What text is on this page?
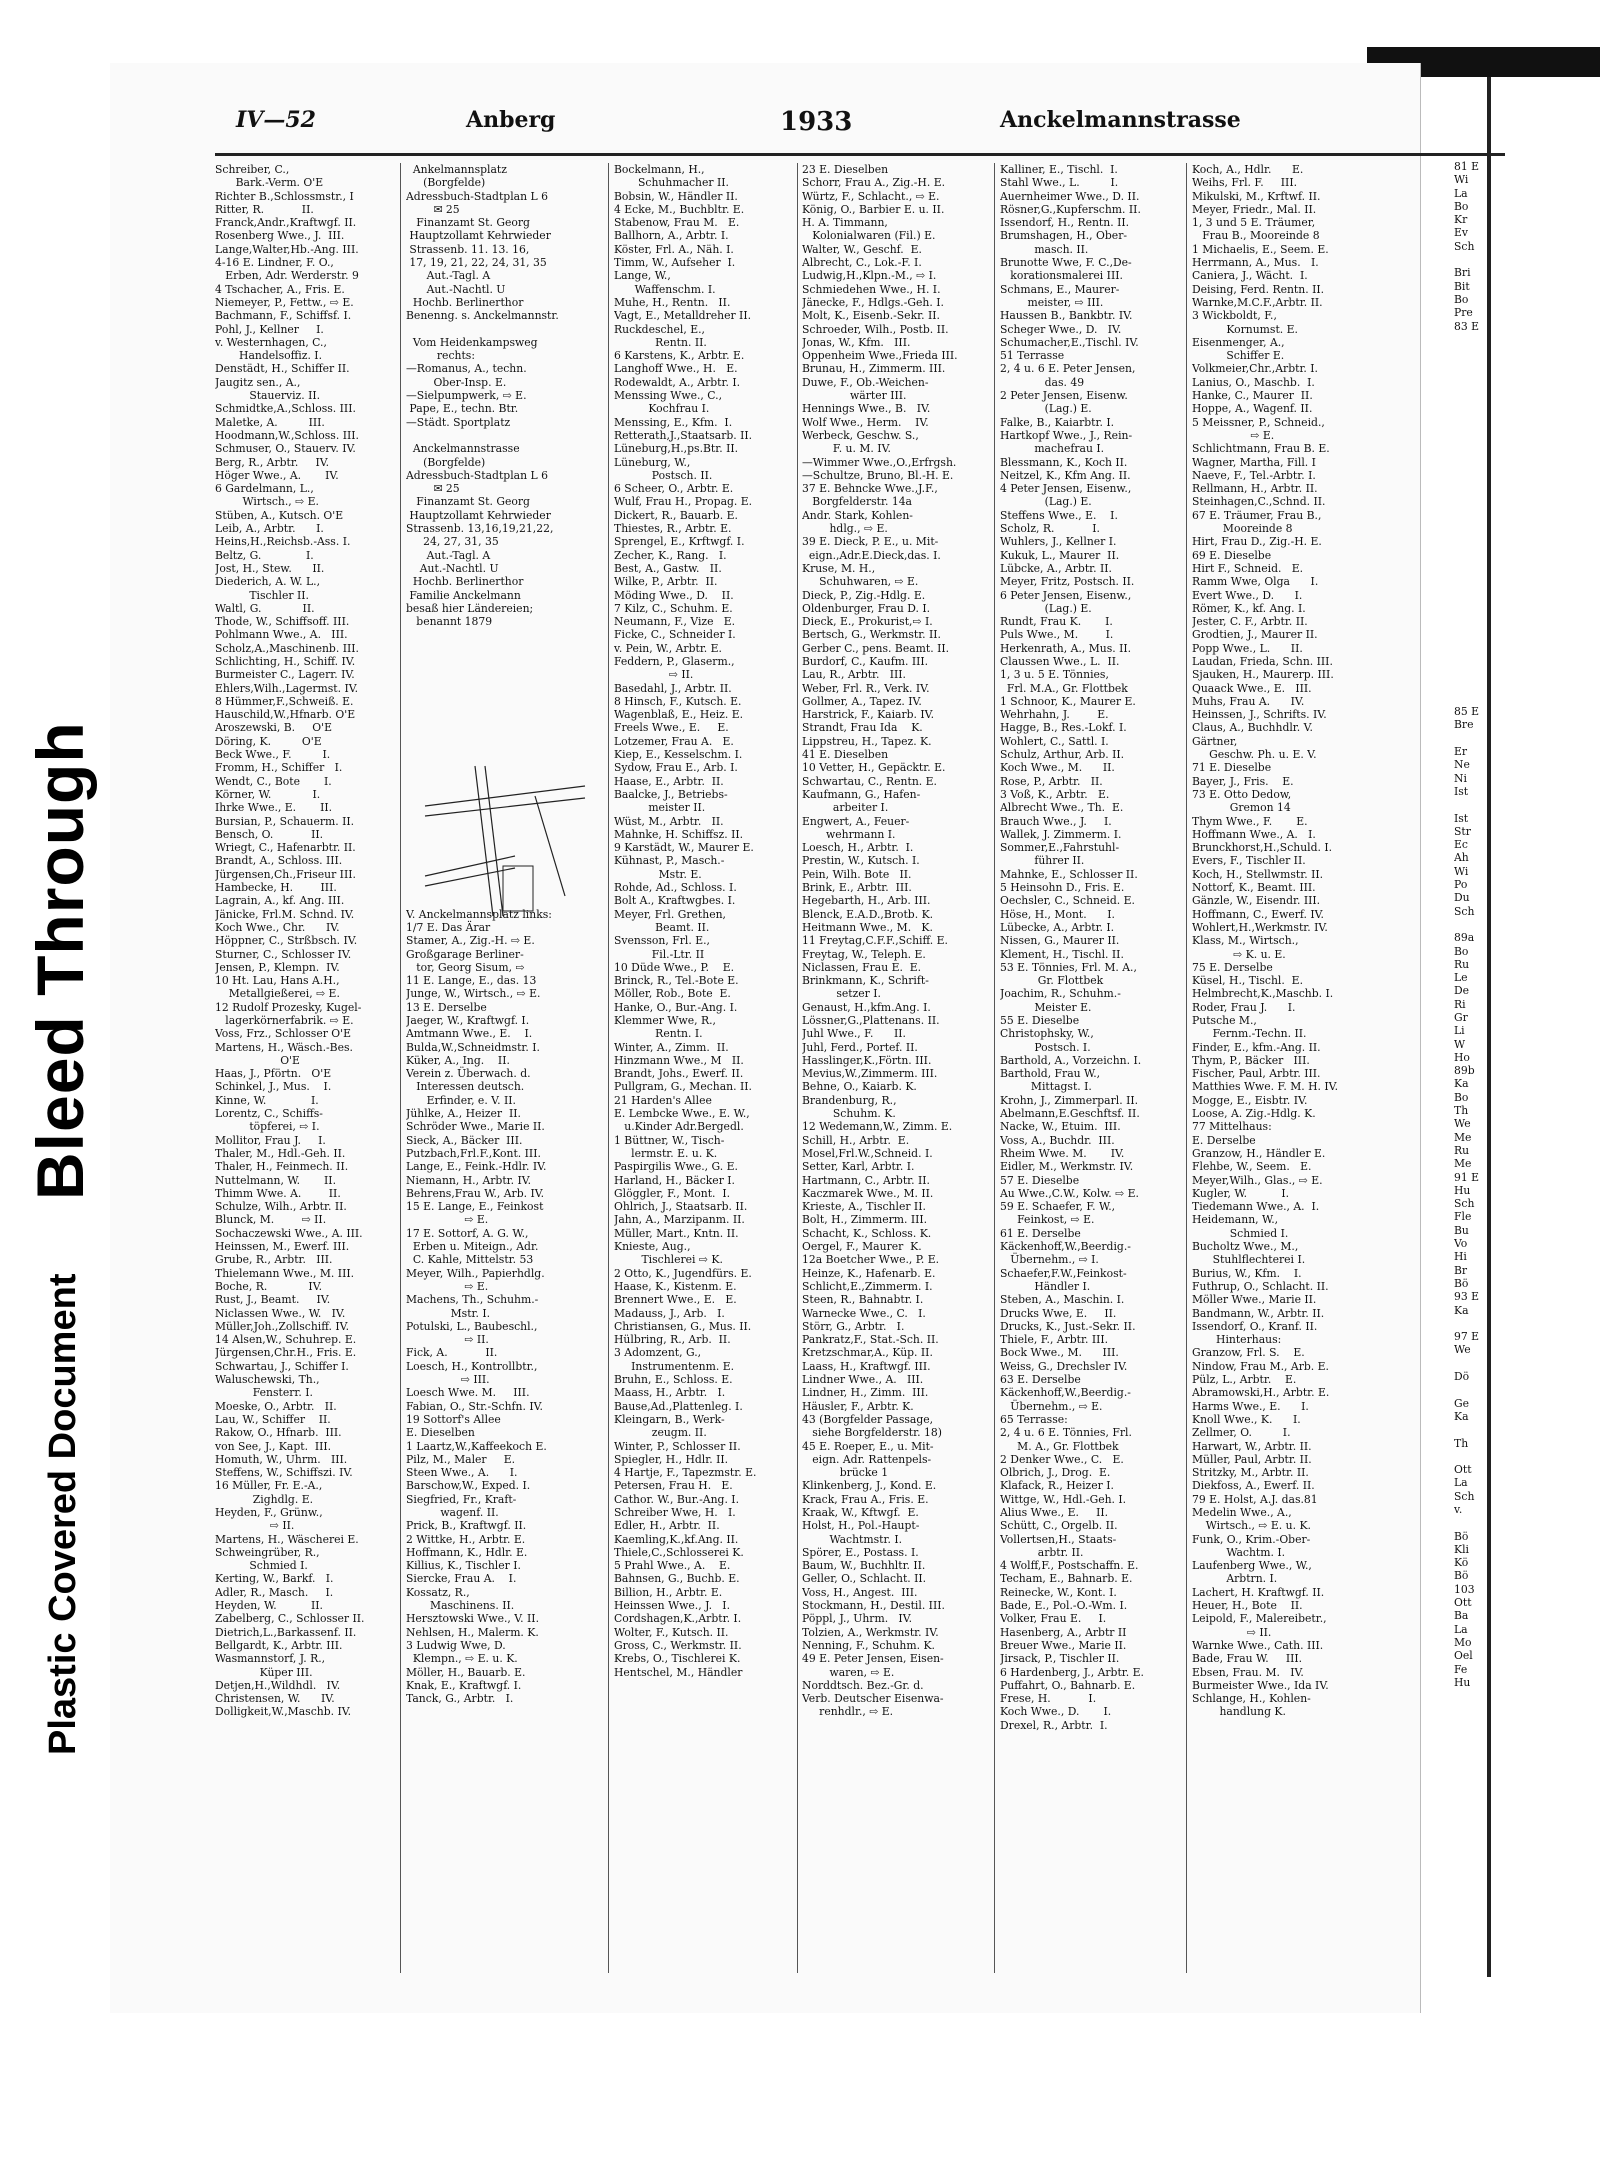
Bleed Through
Plastic Covered Document
IV—52	Anberg	1933	Anckelmannstrasse
Schreiber, C.,
Bark.-Verm. O'E
Richter B.,Schlossmstr., I
Ritter, R.           II.
Franck,Andr.,Kraftwgf. II.
Rosenberg Wwe., J.  III.
Lange,Walter,Hb.-Ang. III.
4-16 E. Lindner, F. O.,
Erben, Adr. Werderstr. 9
4 Tschacher, A., Fris. E.
Niemeyer, P., Fettw., ⇨ E.
Bachmann, F., Schiffsf. I.
Pohl, J., Kellner     I.
v. Westernhagen, C.,
Handelsoffiz. I.
Denstädt, H., Schiffer II.
Jaugitz sen., A.,
Stauerviz. II.
Schmidtke,A.,Schloss. III.
Maletke, A.         III.
Hoodmann,W.,Schloss. III.
Schmuser, O., Stauerv. IV.
Berg, R., Arbtr.     IV.
Höger Wwe., A.       IV.
6 Gardelmann, L.,
Wirtsch., ⇨ E.
Stüben, A., Kutsch. O'E
Leib, A., Arbtr.      I.
Heins,H.,Reichsb.-Ass. I.
Beltz, G.             I.
Jost, H., Stew.      II.
Diederich, A. W. L.,
Tischler II.
Waltl, G.            II.
Thode, W., Schiffsoff. III.
Pohlmann Wwe., A.   III.
Scholz,A.,Maschinenb. III.
Schlichting, H., Schiff. IV.
Burmeister C., Lagerr. IV.
Ehlers,Wilh.,Lagermst. IV.
8 Hümmer,F.,Schweiß. E.
Hauschild,W.,Hfnarb. O'E
Aroszewski, B.     O'E
Döring, K.         O'E
Beck Wwe., F.         I.
Fromm, H., Schiffer   I.
Wendt, C., Bote       I.
Körner, W.            I.
Ihrke Wwe., E.       II.
Bursian, P., Schauerm. II.
Bensch, O.           II.
Wriegt, C., Hafenarbtr. II.
Brandt, A., Schloss. III.
Jürgensen,Ch.,Friseur III.
Hambecke, H.        III.
Lagrain, A., kf. Ang. III.
Jänicke, Frl.M. Schnd. IV.
Koch Wwe., Chr.      IV.
Höppner, C., Strßbsch. IV.
Sturner, C., Schlosser IV.
Jensen, P., Klempn.  IV.
10 Ht. Lau, Hans A.H.,
Metallgießerei, ⇨ E.
12 Rudolf Prozesky, Kugel-
lagerkörnerfabrik. ⇨ E.
Voss, Frz., Schlosser O'E
Martens, H., Wäsch.-Bes.
O'E
Haas, J., Pförtn.   O'E
Schinkel, J., Mus.    I.
Kinne, W.             I.
Lorentz, C., Schiffs-
töpferei, ⇨ I.
Mollitor, Frau J.     I.
Thaler, M., Hdl.-Geh. II.
Thaler, H., Feinmech. II.
Nuttelmann, W.       II.
Thimm Wwe. A.        II.
Schulze, Wilh., Arbtr. II.
Blunck, M.        ⇨ II.
Sochaczewski Wwe., A. III.
Heinssen, M., Ewerf. III.
Grube, R., Arbtr.   III.
Thielemann Wwe., M. III.
Boche, R.            IV.
Rust, J., Beamt.     IV.
Niclassen Wwe., W.   IV.
Müller,Joh.,Zollschiff. IV.
14 Alsen,W., Schuhrep. E.
Jürgensen,Chr.H., Fris. E.
Schwartau, J., Schiffer I.
Waluschewski, Th.,
Fensterr. I.
Moeske, O., Arbtr.   II.
Lau, W., Schiffer    II.
Rakow, O., Hfnarb.  III.
von See, J., Kapt.  III.
Homuth, W., Uhrm.   III.
Steffens, W., Schiffszi. IV.
16 Müller, Fr. E.-A.,
Zighdlg. E.
Heyden, F., Grünw.,
⇨ II.
Martens, H., Wäscherei E.
Schweingrüber, R.,
Schmied I.
Kerting, W., Barkf.   I.
Adler, R., Masch.     I.
Heyden, W.          II.
Zabelberg, C., Schlosser II.
Dietrich,L.,Barkassenf. II.
Bellgardt, K., Arbtr. III.
Wasmannstorf, J. R.,
Küper III.
Detjen,H.,Wildhdl.   IV.
Christensen, W.      IV.
Dolligkeit,W.,Maschb. IV.
Ankelmannsplatz
(Borgfelde)
Adressbuch-Stadtplan L 6
✉ 25
Finanzamt St. Georg
Hauptzollamt Kehrwieder
Strassenb. 11. 13. 16,
17, 19, 21, 22, 24, 31, 35
Aut.-Tagl. A
Aut.-Nachtl. U
Hochb. Berlinerthor
Benenng. s. Anckelmannstr.

Vom Heidenkampsweg
rechts:
—Romanus, A., techn.
Ober-Insp. E.
—Sielpumpwerk, ⇨ E.
Pape, E., techn. Btr.
—Städt. Sportplatz

Anckelmannstrasse
(Borgfelde)
Adressbuch-Stadtplan L 6
✉ 25
Finanzamt St. Georg
Hauptzollamt Kehrwieder
Strassenb. 13,16,19,21,22,
24, 27, 31, 35
Aut.-Tagl. A
Aut.-Nachtl. U
Hochb. Berlinerthor
Familie Anckelmann
besaß hier Ländereien;
benannt 1879

V. Anckelmannsplatz links:
1/7 E. Das Ärar
Stamer, A., Zig.-H. ⇨ E.
Großgarage Berliner-
tor, Georg Sisum, ⇨
11 E. Lange, E., das. 13
Junge, W., Wirtsch., ⇨ E.
13 E. Derselbe
Jaeger, W., Kraftwgf. I.
Amtmann Wwe., E.    I.
Bulda,W.,Schneidmstr. I.
Küker, A., Ing.    II.
Verein z. Überwach. d.
Interessen deutsch.
Erfinder, e. V. II.
Jühlke, A., Heizer  II.
Schröder Wwe., Marie II.
Sieck, A., Bäcker  III.
Putzbach,Frl.F.,Kont. III.
Lange, E., Feink.-Hdlr. IV.
Niemann, H., Arbtr. IV.
Behrens,Frau W., Arb. IV.
15 E. Lange, E., Feinkost
⇨ E.
17 E. Sottorf, A. G. W.,
Erben u. Miteign., Adr.
C. Kahle, Mittelstr. 53
Meyer, Wilh., Papierhdlg.
⇨ E.
Machens, Th., Schuhm.-
Mstr. I.
Potulski, L., Baubeschl.,
⇨ II.
Fick, A.           II.
Loesch, H., Kontrollbtr.,
⇨ III.
Loesch Wwe. M.     III.
Fabian, O., Str.-Schfn. IV.
19 Sottorf's Allee
E. Dieselben
1 Laartz,W.,Kaffeekoch E.
Pilz, M., Maler     E.
Steen Wwe., A.      I.
Barschow,W., Exped. I.
Siegfried, Fr., Kraft-
wagenf. II.
Prick, B., Kraftwgf. II.
2 Wittke, H., Arbtr. E.
Hoffmann, K., Hdlr. E.
Killius, K., Tischler I.
Siercke, Frau A.    I.
Kossatz, R.,
Maschinens. II.
Hersztowski Wwe., V. II.
Nehlsen, H., Malerm. K.
3 Ludwig Wwe, D.
Klempn., ⇨ E. u. K.
Möller, H., Bauarb. E.
Knak, E., Kraftwgf. I.
Tanck, G., Arbtr.   I.
Bockelmann, H.,
Schuhmacher II.
Bobsin, W., Händler II.
4 Ecke, M., Buchbltr. E.
Stabenow, Frau M.   E.
Ballhorn, A., Arbtr. I.
Köster, Frl. A., Näh. I.
Timm, W., Aufseher  I.
Lange, W.,
Waffenschm. I.
Muhe, H., Rentn.   II.
Vagt, E., Metalldreher II.
Ruckdeschel, E.,
Rentn. II.
6 Karstens, K., Arbtr. E.
Langhoff Wwe., H.   E.
Rodewaldt, A., Arbtr. I.
Menssing Wwe., C.,
Kochfrau I.
Menssing, E., Kfm.  I.
Retterath,J.,Staatsarb. II.
Lüneburg,H.,ps.Btr. II.
Lüneburg, W.,
Postsch. II.
6 Scheer, O., Arbtr. E.
Wulf, Frau H., Propag. E.
Dickert, R., Bauarb. E.
Thiestes, R., Arbtr. E.
Sprengel, E., Krftwgf. I.
Zecher, K., Rang.   I.
Best, A., Gastw.   II.
Wilke, P., Arbtr.  II.
Möding Wwe., D.    II.
7 Kilz, C., Schuhm. E.
Neumann, F., Vize   E.
Ficke, C., Schneider I.
v. Pein, W., Arbtr. E.
Feddern, P., Glaserm.,
⇨ II.
Basedahl, J., Arbtr. II.
8 Hinsch, F., Kutsch. E.
Wagenblaß, E., Heiz. E.
Freels Wwe., E.     E.
Lotzemer, Frau A.   E.
Kiep, E., Kesselschm. I.
Sydow, Frau E., Arb. I.
Haase, E., Arbtr.  II.
Baalcke, J., Betriebs-
meister II.
Wüst, M., Arbtr.   II.
Mahnke, H. Schiffsz. II.
9 Karstädt, W., Maurer E.
Kühnast, P., Masch.-
Mstr. E.
Rohde, Ad., Schloss. I.
Bolt A., Kraftwgbes. I.
Meyer, Frl. Grethen,
Beamt. II.
Svensson, Frl. E.,
Fil.-Ltr. II
10 Düde Wwe., P.    E.
Brinck, R., Tel.-Bote E.
Möller, Rob., Bote  E.
Hanke, O., Bur.-Ang. I.
Klemmer Wwe, R.,
Rentn. I.
Winter, A., Zimm.  II.
Hinzmann Wwe., M   II.
Brandt, Johs., Ewerf. II.
Pullgram, G., Mechan. II.
21 Harden's Allee
E. Lembcke Wwe., E. W.,
u.Kinder Adr.Bergedl.
1 Büttner, W., Tisch-
lermstr. E. u. K.
Paspirgilis Wwe., G. E.
Harland, H., Bäcker I.
Glöggler, F., Mont.  I.
Ohlrich, J., Staatsarb. II.
Jahn, A., Marzipanm. II.
Müller, Mart., Kntn. II.
Knieste, Aug.,
Tischlerei ⇨ K.
2 Otto, K., Jugendfürs. E.
Haase, K., Kistenm. E.
Brennert Wwe., E.   E.
Madauss, J., Arb.   I.
Christiansen, G., Mus. II.
Hülbring, R., Arb.  II.
3 Adomzent, G.,
Instrumentenm. E.
Bruhn, E., Schloss. E.
Maass, H., Arbtr.   I.
Bause,Ad.,Plattenleg. I.
Kleingarn, B., Werk-
zeugm. II.
Winter, P., Schlosser II.
Spiegler, H., Hdlr. II.
4 Hartje, F., Tapezmstr. E.
Petersen, Frau H.   E.
Cathor. W., Bur.-Ang. I.
Schreiber Wwe, H.   I.
Edler, H., Arbtr.  II.
Kaemling,K.,kf.Ang. II.
Thiele,C.,Schlosserei K.
5 Prahl Wwe., A.    E.
Bahnsen, G., Buchb. E.
Billion, H., Arbtr. E.
Heinssen Wwe., J.   I.
Cordshagen,K.,Arbtr. I.
Wolter, F., Kutsch. II.
Gross, C., Werkmstr. II.
Krebs, O., Tischlerei K.
Hentschel, M., Händler
23 E. Dieselben
Schorr, Frau A., Zig.-H. E.
Würtz, F., Schlacht., ⇨ E.
König, O., Barbier E. u. II.
H. A. Timmann,
Kolonialwaren (Fil.) E.
Walter, W., Geschf.  E.
Albrecht, C., Lok.-F. I.
Ludwig,H.,Klpn.-M., ⇨ I.
Schmiedehen Wwe., H. I.
Jänecke, F., Hdlgs.-Geh. I.
Molt, K., Eisenb.-Sekr. II.
Schroeder, Wilh., Postb. II.
Jonas, W., Kfm.   III.
Oppenheim Wwe.,Frieda III.
Brunau, H., Zimmerm. III.
Duwe, F., Ob.-Weichen-
wärter III.
Hennings Wwe., B.   IV.
Wolf Wwe., Herm.    IV.
Werbeck, Geschw. S.,
F. u. M. IV.
—Wimmer Wwe.,O.,Erfrgsh.
—Schultze, Bruno, Bl.-H. E.
37 E. Behncke Wwe.,J.F.,
Borgfelderstr. 14a
Andr. Stark, Kohlen-
hdlg., ⇨ E.
39 E. Dieck, P. E., u. Mit-
eign.,Adr.E.Dieck,das. I.
Kruse, M. H.,
Schuhwaren, ⇨ E.
Dieck, P., Zig.-Hdlg. E.
Oldenburger, Frau D. I.
Dieck, E., Prokurist,⇨ I.
Bertsch, G., Werkmstr. II.
Gerber C., pens. Beamt. II.
Burdorf, C., Kaufm. III.
Lau, R., Arbtr.   III.
Weber, Frl. R., Verk. IV.
Gollmer, A., Tapez. IV.
Harstrick, F., Kaiarb. IV.
Strandt, Frau Ida    K.
Lippstreu, H., Tapez. K.
41 E. Dieselben
10 Vetter, H., Gepäcktr. E.
Schwartau, C., Rentn. E.
Kaufmann, G., Hafen-
arbeiter I.
Engwert, A., Feuer-
wehrmann I.
Loesch, H., Arbtr.  I.
Prestin, W., Kutsch. I.
Pein, Wilh. Bote   II.
Brink, E., Arbtr.  III.
Hegebarth, H., Arb. III.
Blenck, E.A.D.,Brotb. K.
Heitmann Wwe., M.   K.
11 Freytag,C.F.F.,Schiff. E.
Freytag, W., Teleph. E.
Niclassen, Frau E.  E.
Brinkmann, K., Schrift-
setzer I.
Genaust, H.,kfm.Ang. I.
Lössner,G.,Plattenans. II.
Juhl Wwe., F.      II.
Juhl, Ferd., Portef. II.
Hasslinger,K.,Förtn. III.
Mevius,W.,Zimmerm. III.
Behne, O., Kaiarb. K.
Brandenburg, R.,
Schuhm. K.
12 Wedemann,W., Zimm. E.
Schill, H., Arbtr.  E.
Mosel,Frl.W.,Schneid. I.
Setter, Karl, Arbtr. I.
Hartmann, C., Arbtr. II.
Kaczmarek Wwe., M. II.
Krieste, A., Tischler II.
Bolt, H., Zimmerm. III.
Schacht, K., Schloss. K.
Oergel, F., Maurer  K.
12a Boetcher Wwe., P. E.
Heinze, K., Hafenarb. E.
Schlicht,E.,Zimmerm. I.
Steen, R., Bahnabtr. I.
Warnecke Wwe., C.   I.
Störr, G., Arbtr.   I.
Pankratz,F., Stat.-Sch. II.
Kretzschmar,A., Küp. II.
Laass, H., Kraftwgf. III.
Lindner Wwe., A.   III.
Lindner, H., Zimm.  III.
Häusler, F., Arbtr. K.
43 (Borgfelder Passage,
siehe Borgfelderstr. 18)
45 E. Roeper, E., u. Mit-
eign. Adr. Rattenpels-
brücke 1
Klinkenberg, J., Kond. E.
Krack, Frau A., Fris. E.
Kraak, W., Kftwgf.  E.
Holst, H., Pol.-Haupt-
Wachtmstr. I.
Spörer, E., Postass. I.
Baum, W., Buchhltr. II.
Geller, O., Schlacht. II.
Voss, H., Angest.  III.
Stockmann, H., Destil. III.
Pöppl, J., Uhrm.   IV.
Tolzien, A., Werkmstr. IV.
Nenning, F., Schuhm. K.
49 E. Peter Jensen, Eisen-
waren, ⇨ E.
Norddtsch. Bez.-Gr. d.
Verb. Deutscher Eisenwa-
renhdlr., ⇨ E.
Kalliner, E., Tischl.  I.
Stahl Wwe., L.         I.
Auernheimer Wwe., D. II.
Rösner,G.,Kupferschm. II.
Issendorf, H., Rentn. II.
Brumshagen, H., Ober-
masch. II.
Brunotte Wwe, F. C.,De-
korationsmalerei III.
Schmans, E., Maurer-
meister, ⇨ III.
Haussen B., Bankbtr. IV.
Scheger Wwe., D.   IV.
Schumacher,E.,Tischl. IV.
51 Terrasse
2, 4 u. 6 E. Peter Jensen,
das. 49
2 Peter Jensen, Eisenw.
(Lag.) E.
Falke, B., Kaiarbtr. I.
Hartkopf Wwe., J., Rein-
machefrau I.
Blessmann, K., Koch II.
Neitzel, K., Kfm Ang. II.
4 Peter Jensen, Eisenw.,
(Lag.) E.
Steffens Wwe., E.    I.
Scholz, R.           I.
Wuhlers, J., Kellner I.
Kukuk, L., Maurer  II.
Lübcke, A., Arbtr. II.
Meyer, Fritz, Postsch. II.
6 Peter Jensen, Eisenw.,
(Lag.) E.
Rundt, Frau K.       I.
Puls Wwe., M.        I.
Herkenrath, A., Mus. II.
Claussen Wwe., L.  II.
1, 3 u. 5 E. Tönnies,
Frl. M.A., Gr. Flottbek
1 Schnoor, K., Maurer E.
Wehrhahn, J.        E.
Hagge, B., Res.-Lokf. I.
Wohlert, C., Sattl. I.
Schulz, Arthur, Arb. II.
Koch Wwe., M.      II.
Rose, P., Arbtr.   II.
3 Voß, K., Arbtr.   E.
Albrecht Wwe., Th.  E.
Brauch Wwe., J.     I.
Wallek, J. Zimmerm. I.
Sommer,E.,Fahrstuhl-
führer II.
Mahnke, E., Schlosser II.
5 Heinsohn D., Fris. E.
Oechsler, C., Schneid. E.
Höse, H., Mont.      I.
Lübecke, A., Arbtr. I.
Nissen, G., Maurer II.
Klement, H., Tischl. II.
53 E. Tönnies, Frl. M. A.,
Gr. Flottbek
Joachim, R., Schuhm.-
Meister E.
55 E. Dieselbe
Christophsky, W.,
Postsch. I.
Barthold, A., Vorzeichn. I.
Barthold, Frau W.,
Mittagst. I.
Krohn, J., Zimmerparl. II.
Abelmann,E.Geschftsf. II.
Nacke, W., Etuim.  III.
Voss, A., Buchdr.  III.
Rheim Wwe. M.       IV.
Eidler, M., Werkmstr. IV.
57 E. Dieselbe
Au Wwe.,C.W., Kolw. ⇨ E.
59 E. Schaefer, F. W.,
Feinkost, ⇨ E.
61 E. Derselbe
Käckenhoff,W.,Beerdig.-
Übernehm., ⇨ I.
Schaefer,F.W.,Feinkost-
Händler I.
Steben, A., Maschin. I.
Drucks Wwe, E.     II.
Drucks, K., Just.-Sekr. II.
Thiele, F., Arbtr. III.
Bock Wwe., M.      III.
Weiss, G., Drechsler IV.
63 E. Derselbe
Käckenhoff,W.,Beerdig.-
Übernehm., ⇨ E.
65 Terrasse:
2, 4 u. 6 E. Tönnies, Frl.
M. A., Gr. Flottbek
2 Denker Wwe., C.   E.
Olbrich, J., Drog.  E.
Klafack, R., Heizer I.
Wittge, W., Hdl.-Geh. I.
Alius Wwe., E.     II.
Schütt, C., Orgelb. II.
Vollertsen,H., Staats-
arbtr. II.
4 Wolff,F., Postschaffn. E.
Techam, E., Bahnarb. E.
Reinecke, W., Kont. I.
Bade, E., Pol.-O.-Wm. I.
Volker, Frau E.     I.
Hasenberg, A., Arbtr II
Breuer Wwe., Marie II.
Jirsack, P., Tischler II.
6 Hardenberg, J., Arbtr. E.
Puffahrt, O., Bahnarb. E.
Frese, H.           I.
Koch Wwe., D.       I.
Drexel, R., Arbtr.  I.
Koch, A., Hdlr.      E.
Weihs, Frl. F.     III.
Mikulski, M., Krftwf. II.
Meyer, Friedr., Mal. II.
1, 3 und 5 E. Träumer,
Frau B., Mooreinde 8
1 Michaelis, E., Seem. E.
Herrmann, A., Mus.   I.
Caniera, J., Wächt.  I.
Deising, Ferd. Rentn. II.
Warnke,M.C.F.,Arbtr. II.
3 Wickboldt, F.,
Kornumst. E.
Eisenmenger, A.,
Schiffer E.
Volkmeier,Chr.,Arbtr. I.
Lanius, O., Maschb.  I.
Hanke, C., Maurer  II.
Hoppe, A., Wagenf. II.
5 Meissner, P., Schneid.,
⇨ E.
Schlichtmann, Frau B. E.
Wagner, Martha, Fill. I
Naeve, F., Tel.-Arbtr. I.
Rellmann, H., Arbtr. II.
Steinhagen,C.,Schnd. II.
67 E. Träumer, Frau B.,
Mooreinde 8
Hirt, Frau D., Zig.-H. E.
69 E. Dieselbe
Hirt F., Schneid.   E.
Ramm Wwe, Olga      I.
Evert Wwe., D.      I.
Römer, K., kf. Ang. I.
Jester, C. F., Arbtr. II.
Grodtien, J., Maurer II.
Popp Wwe., L.      II.
Laudan, Frieda, Schn. III.
Sjauken, H., Maurerp. III.
Quaack Wwe., E.   III.
Muhs, Frau A.      IV.
Heinssen, J., Schrifts. IV.
Claus, A., Buchhdlr. V.
Gärtner,
Geschw. Ph. u. E. V.
71 E. Dieselbe
Bayer, J., Fris.    E.
73 E. Otto Dedow,
Gremon 14
Thym Wwe., F.       E.
Hoffmann Wwe., A.   I.
Brunckhorst,H.,Schuld. I.
Evers, F., Tischler II.
Koch, H., Stellwmstr. II.
Nottorf, K., Beamt. III.
Gänzle, W., Eisendr. III.
Hoffmann, C., Ewerf. IV.
Wohlert,H.,Werkmstr. IV.
Klass, M., Wirtsch.,
⇨ K. u. E.
75 E. Derselbe
Küsel, H., Tischl.  E.
Helmbrecht,K.,Maschb. I.
Roder, Frau J.      I.
Putsche M.,
Fernm.-Techn. II.
Finder, E., kfm.-Ang. II.
Thym, P., Bäcker   III.
Fischer, Paul, Arbtr. III.
Matthies Wwe. F. M. H. IV.
Mogge, E., Eisbtr. IV.
Loose, A. Zig.-Hdlg. K.
77 Mittelhaus:
E. Derselbe
Granzow, H., Händler E.
Flehbe, W., Seem.   E.
Meyer,Wilh., Glas., ⇨ E.
Kugler, W.          I.
Tiedemann Wwe., A.  I.
Heidemann, W.,
Schmied I.
Bucholtz Wwe., M.,
Stuhlflechterei I.
Burius, W., Kfm.    I.
Futhrup, O., Schlacht. II.
Möller Wwe., Marie II.
Bandmann, W., Arbtr. II.
Issendorf, O., Kranf. II.
Hinterhaus:
Granzow, Frl. S.    E.
Nindow, Frau M., Arb. E.
Pülz, L., Arbtr.    E.
Abramowski,H., Arbtr. E.
Harms Wwe., E.      I.
Knoll Wwe., K.      I.
Zellmer, O.         I.
Harwart, W., Arbtr. II.
Müller, Paul, Arbtr. II.
Stritzky, M., Arbtr. II.
Diekfoss, A., Ewerf. II.
79 E. Holst, A.J. das.81
Medelin Wwe., A.,
Wirtsch., ⇨ E. u. K.
Funk, O., Krim.-Ober-
Wachtm. I.
Laufenberg Wwe., W.,
Arbtrn. I.
Lachert, H. Kraftwgf. II.
Heuer, H., Bote    II.
Leipold, F., Malereibetr.,
⇨ II.
Warnke Wwe., Cath. III.
Bade, Frau W.     III.
Ebsen, Frau. M.   IV.
Burmeister Wwe., Ida IV.
Schlange, H., Kohlen-
handlung K.
81 E
Wi
La
Bo
Kr
Ev
Sch

Bri
Bit
Bo
Pre
83 E

85 E
Bre

Er
Ne
Ni
Ist

Ist
Str
Ec
Ah
Wi
Po
Du
Sch

89a
Bo
Ru
Le
De
Ri
Gr
Li
W
Ho
89b
Ka
Bo
Th
We
Me
Ru
Me
91 E
Hu
Sch
Fle
Bu
Vo
Hi
Br
Bö
93 E
Ka

97 E
We

Dö

Ge
Ka

Th

Ott
La
Sch
v.

Bö
Kli
Kö
Bö
103
Ott
Ba
La
Mo
Oel
Fe
Hu
